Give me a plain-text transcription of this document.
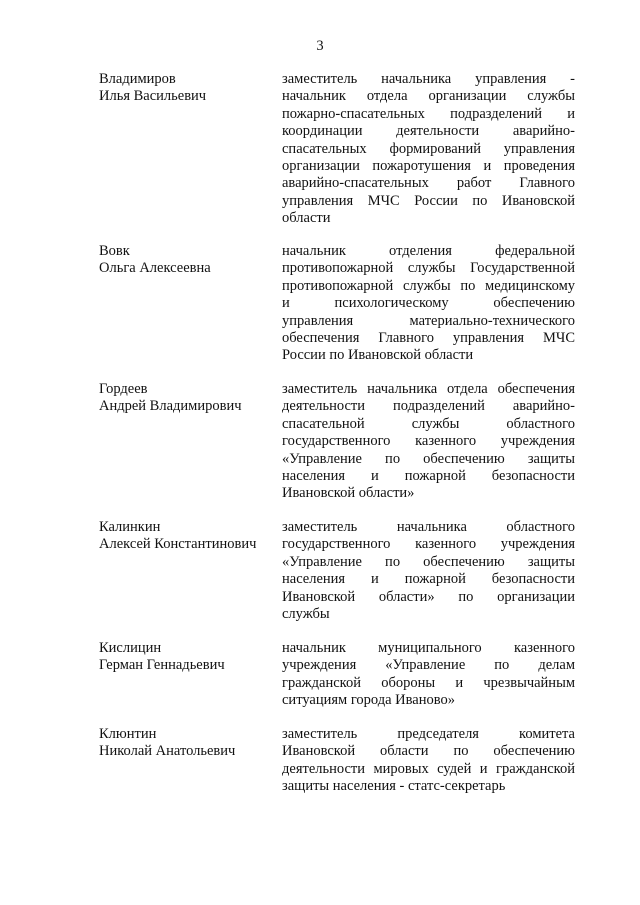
3
Владимиров
Илья Васильевич
заместитель начальника управления -
начальник отдела организации службы
пожарно-спасательных подразделений и
координации деятельности аварийно-
спасательных формирований управления
организации пожаротушения и проведения
аварийно-спасательных работ Главного
управления МЧС России по Ивановской
области
Вовк
Ольга Алексеевна
начальник отделения федеральной
противопожарной службы Государственной
противопожарной службы по медицинскому
и психологическому обеспечению
управления материально-технического
обеспечения Главного управления МЧС
России по Ивановской области
Гордеев
Андрей Владимирович
заместитель начальника отдела обеспечения
деятельности подразделений аварийно-
спасательной службы областного
государственного казенного учреждения
«Управление по обеспечению защиты
населения и пожарной безопасности
Ивановской области»
Калинкин
Алексей Константинович
заместитель начальника областного
государственного казенного учреждения
«Управление по обеспечению защиты
населения и пожарной безопасности
Ивановской области» по организации
службы
Кислицин
Герман Геннадьевич
начальник муниципального казенного
учреждения «Управление по делам
гражданской обороны и чрезвычайным
ситуациям города Иваново»
Клюнтин
Николай Анатольевич
заместитель председателя комитета
Ивановской области по обеспечению
деятельности мировых судей и гражданской
защиты населения - статс-секретарь
